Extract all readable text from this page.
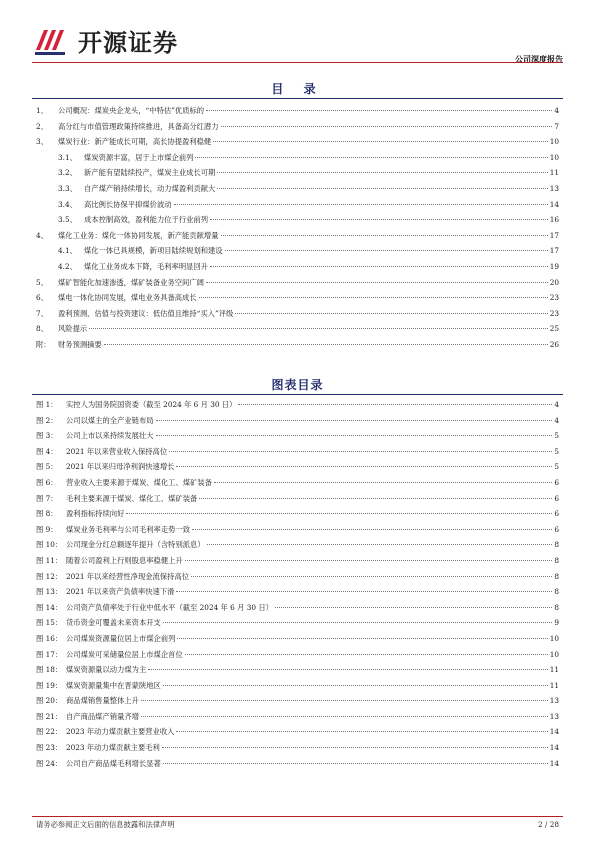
开源证券
公司深度报告
目 录
1、	公司概况：煤炭央企龙头，“中特估”优质标的	4
2、	高分红与市值管理政策持续推进，具备高分红潜力	7
3、	煤炭行业：新产能成长可期，高长协提盈利稳健	10
3.1、 煤炭资源丰富，居于上市煤企前列	10
3.2、 新产能有望陆续投产，煤炭主业成长可期	11
3.3、 自产煤产销持续增长，动力煤盈利贡献大	13
3.4、 高比例长协保平抑煤价波动	14
3.5、 成本控制高效，盈利能力位于行业前列	16
4、	煤化工业务：煤化一体协同发展，新产能贡献增量	17
4.1、 煤化一体已具规模，新项目陆续规划和建设	17
4.2、 煤化工业务成本下降，毛利率明显回升	19
5、	煤矿智能化加速渗透，煤矿装备业务空间广阔	20
6、	煤电一体化协同发展，煤电业务具备高成长	23
7、	盈利预测、估值与投资建议：低估值且维持“买入”评级	23
8、	风险提示	25
附：	财务预测摘要	26
图表目录
图 1：	实控人为国务院国资委（截至 2024 年 6 月 30 日）	4
图 2：	公司以煤主的全产业链布局	4
图 3：	公司上市以来持续发展壮大	5
图 4：	2021 年以来营业收入保持高位	5
图 5：	2021 年以来归母净利润快速增长	5
图 6：	营业收入主要来源于煤炭、煤化工、煤矿装备	6
图 7：	毛利主要来源于煤炭、煤化工、煤矿装备	6
图 8：	盈利指标持续向好	6
图 9：	煤炭业务毛利率与公司毛利率走势一致	6
图 10： 公司现金分红总额逐年提升（含特别派息）	8
图 11： 随着公司盈利上行则股息率稳健上升	8
图 12： 2021 年以来经营性净现金流保持高位	8
图 13： 2021 年以来资产负债率快速下滑	8
图 14： 公司资产负债率处于行业中低水平（截至 2024 年 6 月 30 日）	8
图 15： 货币资金可覆盖未来资本开支	9
图 16： 公司煤炭资源量位居上市煤企前列	10
图 17： 公司煤炭可采储量位居上市煤企首位	10
图 18： 煤炭资源量以动力煤为主	11
图 19： 煤炭资源量集中在晋蒙陕地区	11
图 20： 商品煤销售量整体上升	13
图 21： 自产商品煤产销量齐增	13
图 22： 2023 年动力煤贡献主要营业收入	14
图 23： 2023 年动力煤贡献主要毛利	14
图 24： 公司自产商品煤毛利增长显著	14
请务必参阅正文后面的信息披露和法律声明	2 / 28
